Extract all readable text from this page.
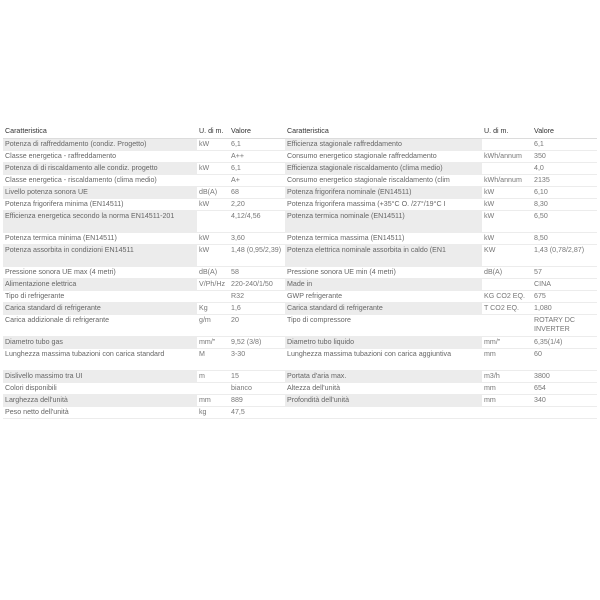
Caratteristica	U. di m.	Valore	Caratteristica	U. di m.	Valore
Potenza di raffreddamento (condiz. Progetto)	kW	6,1	Efficienza stagionale raffreddamento		6,1
Classe energetica - raffreddamento		A++	Consumo energetico stagionale raffreddamento	kWh/annum	350
Potenza di di riscaldamento alle condiz. progetto	kW	6,1	Efficienza stagionale riscaldamento (clima medio)		4,0
Classe energetica - riscaldamento (clima medio)		A+	Consumo energetico stagionale riscaldamento (clim	kWh/annum	2135
Livello potenza sonora UE	dB(A)	68	Potenza frigorifera nominale (EN14511)	kW	6,10
Potenza frigorifera minima (EN14511)	kW	2,20	Potenza frigorifera massima (+35°C O. /27°/19°C I	kW	8,30
Efficienza energetica secondo la norma EN14511-201		4,12/4,56	Potenza termica nominale (EN14511)	kW	6,50
Potenza termica minima (EN14511)	kW	3,60	Potenza termica massima (EN14511)	kW	8,50
Potenza assorbita in condizioni EN14511	kW	1,48 (0,95/2,39)	Potenza elettrica nominale assorbita in caldo (EN1	KW	1,43 (0,78/2,87)
Pressione sonora UE max (4 metri)	dB(A)	58	Pressione sonora UE min (4 metri)	dB(A)	57
Alimentazione elettrica	V/Ph/Hz	220-240/1/50	Made in		CINA
Tipo di refrigerante		R32	GWP refrigerante	KG CO2 EQ.	675
Carica standard di refrigerante	Kg	1,6	Carica standard di refrigerante	T CO2 EQ.	1,080
Carica addizionale di refrigerante	g/m	20	Tipo di compressore		ROTARY DC INVERTER
Diametro tubo gas	mm/"	9,52 (3/8)	Diametro tubo liquido	mm/"	6,35(1/4)
Lunghezza massima tubazioni con carica standard	M	3-30	Lunghezza massima tubazioni con carica aggiuntiva	mm	60
Dislivello massimo tra UI	m	15	Portata d'aria max.	m3/h	3800
Colori disponibili		bianco	Altezza dell'unità	mm	654
Larghezza dell'unità	mm	889	Profondità dell'unità	mm	340
Peso netto dell'unità	kg	47,5			
